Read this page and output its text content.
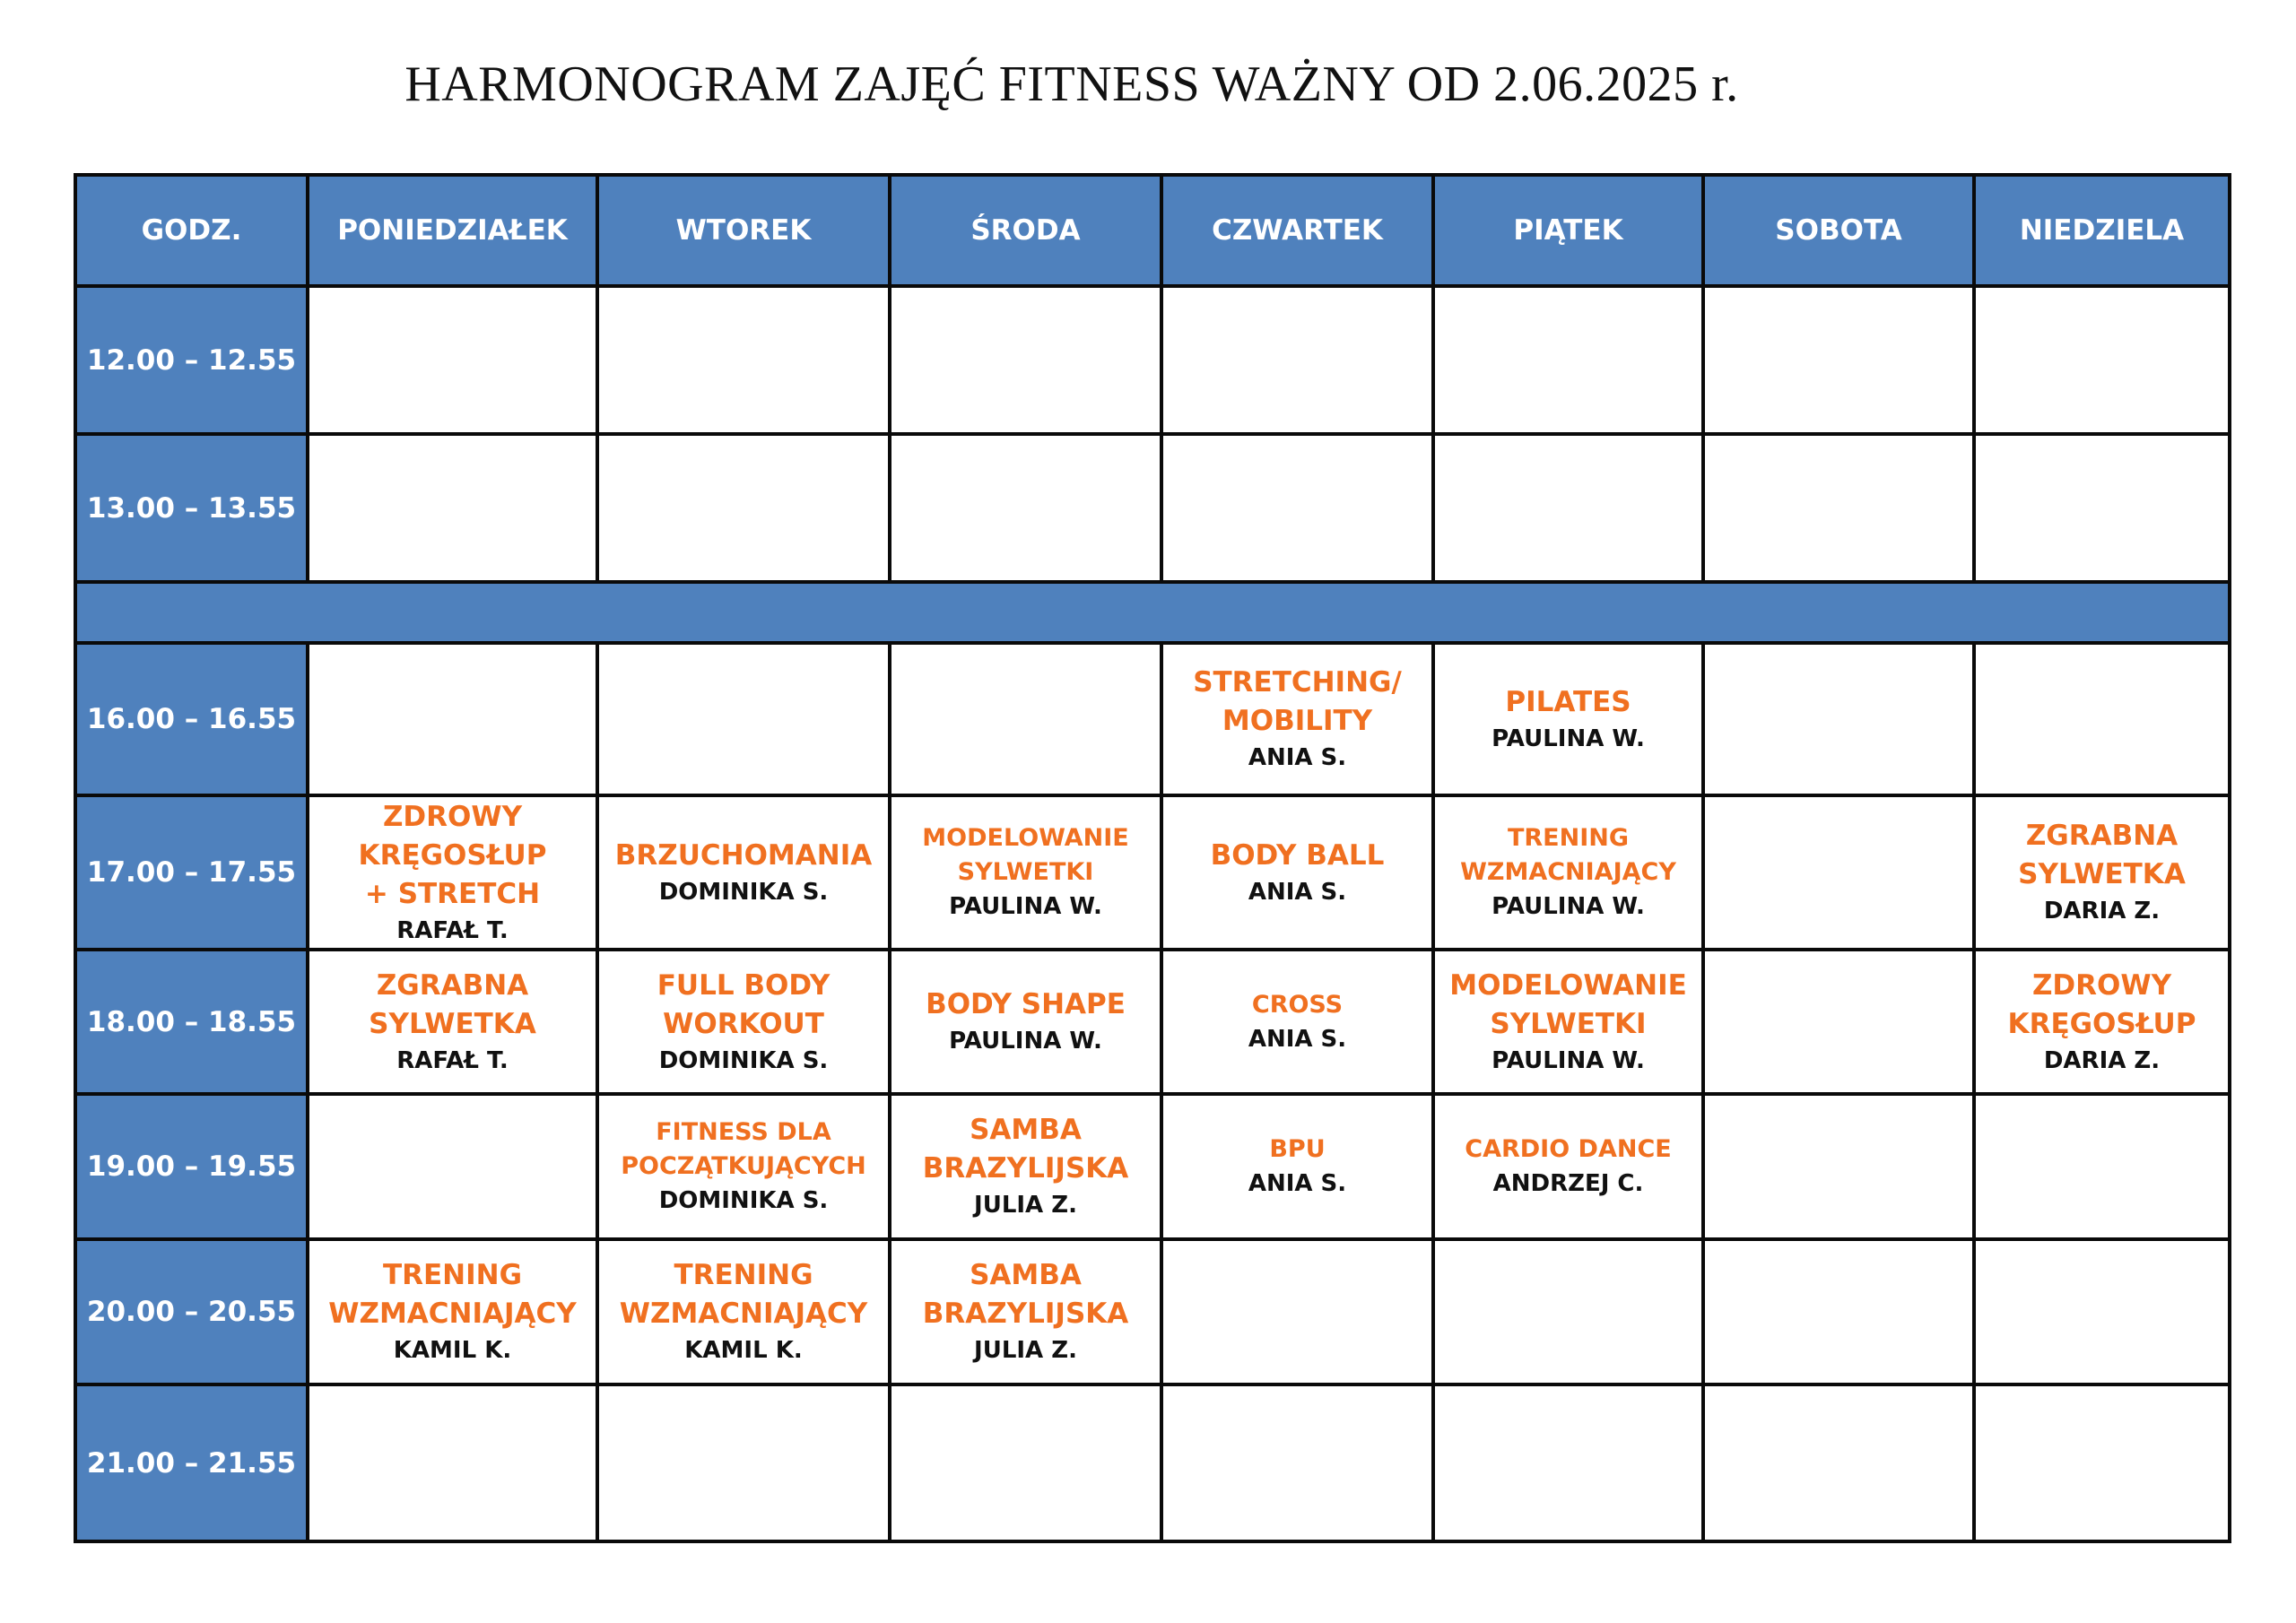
HARMONOGRAM ZAJĘĆ FITNESS WAŻNY OD 2.06.2025 r.
GODZ.	PONIEDZIAŁEK	WTOREK	ŚRODA	CZWARTEK	PIĄTEK	SOBOTA	NIEDZIELA
12.00 – 12.55							
13.00 – 13.55							

16.00 – 16.55				STRETCHING/
MOBILITY
ANIA S.	PILATES
PAULINA W.		

17.00 – 17.55	ZDROWY
KRĘGOSŁUP
+ STRETCH
RAFAŁ T.	BRZUCHOMANIA
DOMINIKA S.	MODELOWANIE
SYLWETKI
PAULINA W.	BODY BALL
ANIA S.	TRENING
WZMACNIAJĄCY
PAULINA W.		ZGRABNA
SYLWETKA
DARIA Z.

18.00 – 18.55	ZGRABNA
SYLWETKA
RAFAŁ T.	FULL BODY
WORKOUT
DOMINIKA S.	BODY SHAPE
PAULINA W.	CROSS
ANIA S.	MODELOWANIE
SYLWETKI
PAULINA W.		ZDROWY
KRĘGOSŁUP
DARIA Z.

19.00 – 19.55		FITNESS DLA
POCZĄTKUJĄCYCH
DOMINIKA S.	SAMBA
BRAZYLIJSKA
JULIA Z.	BPU
ANIA S.	CARDIO DANCE
ANDRZEJ C.		

20.00 – 20.55	TRENING
WZMACNIAJĄCY
KAMIL K.	TRENING
WZMACNIAJĄCY
KAMIL K.	SAMBA
BRAZYLIJSKA
JULIA Z.				

21.00 – 21.55							
